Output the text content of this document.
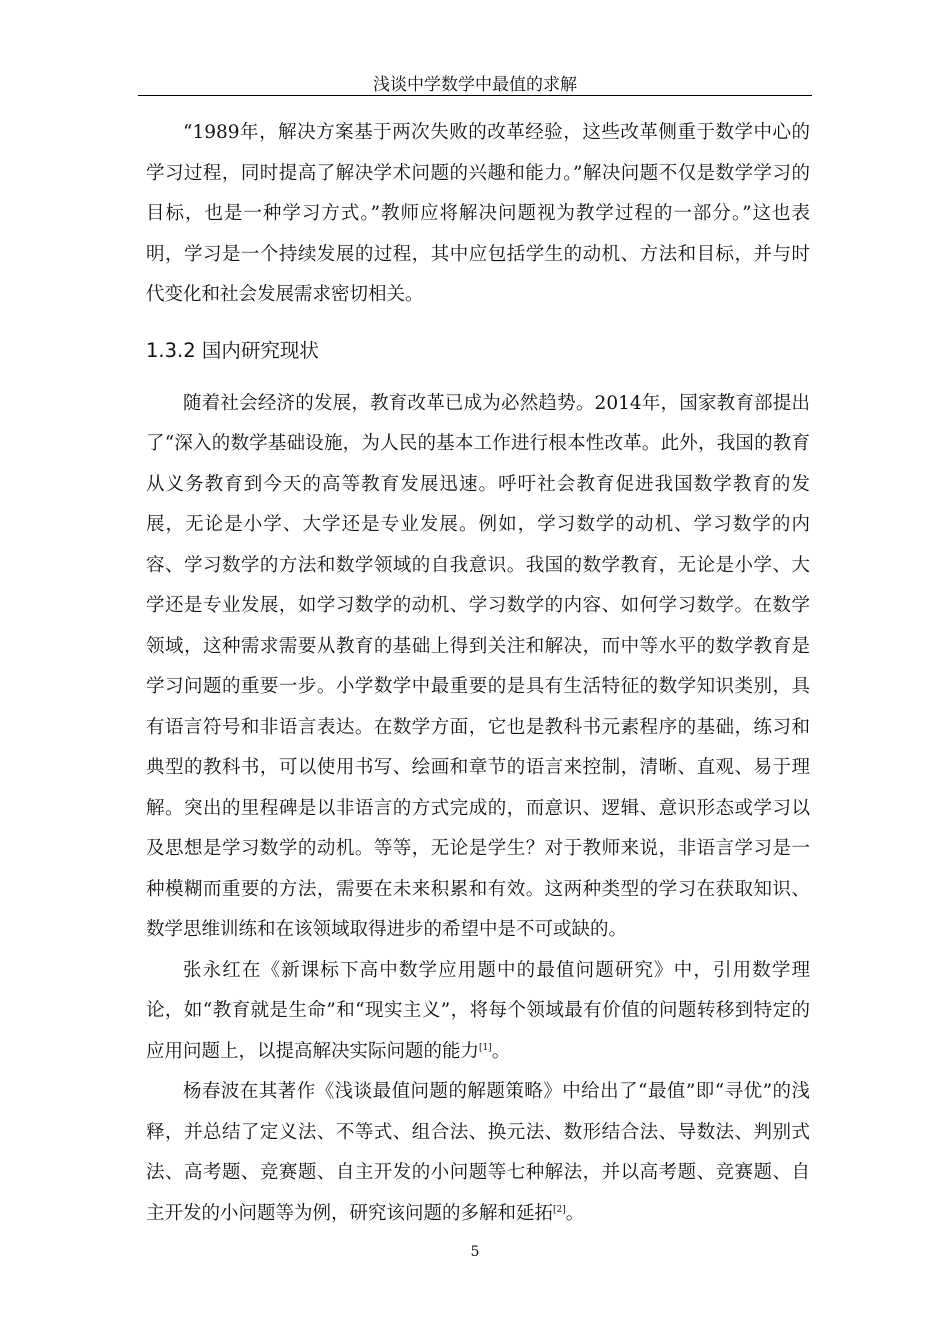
浅谈中学数学中最值的求解

“1989年，解决方案基于两次失败的改革经验，这些改革侧重于数学中心的学习过程，同时提高了解决学术问题的兴趣和能力。”解决问题不仅是数学学习的目标，也是一种学习方式。”教师应将解决问题视为教学过程的一部分。”这也表明，学习是一个持续发展的过程，其中应包括学生的动机、方法和目标，并与时代变化和社会发展需求密切相关。

1.3.2 国内研究现状

随着社会经济的发展，教育改革已成为必然趋势。2014年，国家教育部提出了“深入的数学基础设施，为人民的基本工作进行根本性改革。此外，我国的教育从义务教育到今天的高等教育发展迅速。呼吁社会教育促进我国数学教育的发展，无论是小学、大学还是专业发展。例如，学习数学的动机、学习数学的内容、学习数学的方法和数学领域的自我意识。我国的数学教育，无论是小学、大学还是专业发展，如学习数学的动机、学习数学的内容、如何学习数学。在数学领域，这种需求需要从教育的基础上得到关注和解决，而中等水平的数学教育是学习问题的重要一步。小学数学中最重要的是具有生活特征的数学知识类别，具有语言符号和非语言表达。在数学方面，它也是教科书元素程序的基础，练习和典型的教科书，可以使用书写、绘画和章节的语言来控制，清晰、直观、易于理解。突出的里程碑是以非语言的方式完成的，而意识、逻辑、意识形态或学习以及思想是学习数学的动机。等等，无论是学生？对于教师来说，非语言学习是一种模糊而重要的方法，需要在未来积累和有效。这两种类型的学习在获取知识、数学思维训练和在该领域取得进步的希望中是不可或缺的。

张永红在《新课标下高中数学应用题中的最值问题研究》中，引用数学理论，如“教育就是生命”和“现实主义”，将每个领域最有价值的问题转移到特定的应用问题上，以提高解决实际问题的能力[1]。

杨春波在其著作《浅谈最值问题的解题策略》中给出了“最值”即“寻优”的浅释，并总结了定义法、不等式、组合法、换元法、数形结合法、导数法、判别式法、高考题、竞赛题、自主开发的小问题等七种解法，并以高考题、竞赛题、自主开发的小问题等为例，研究该问题的多解和延拓[2]。

5
